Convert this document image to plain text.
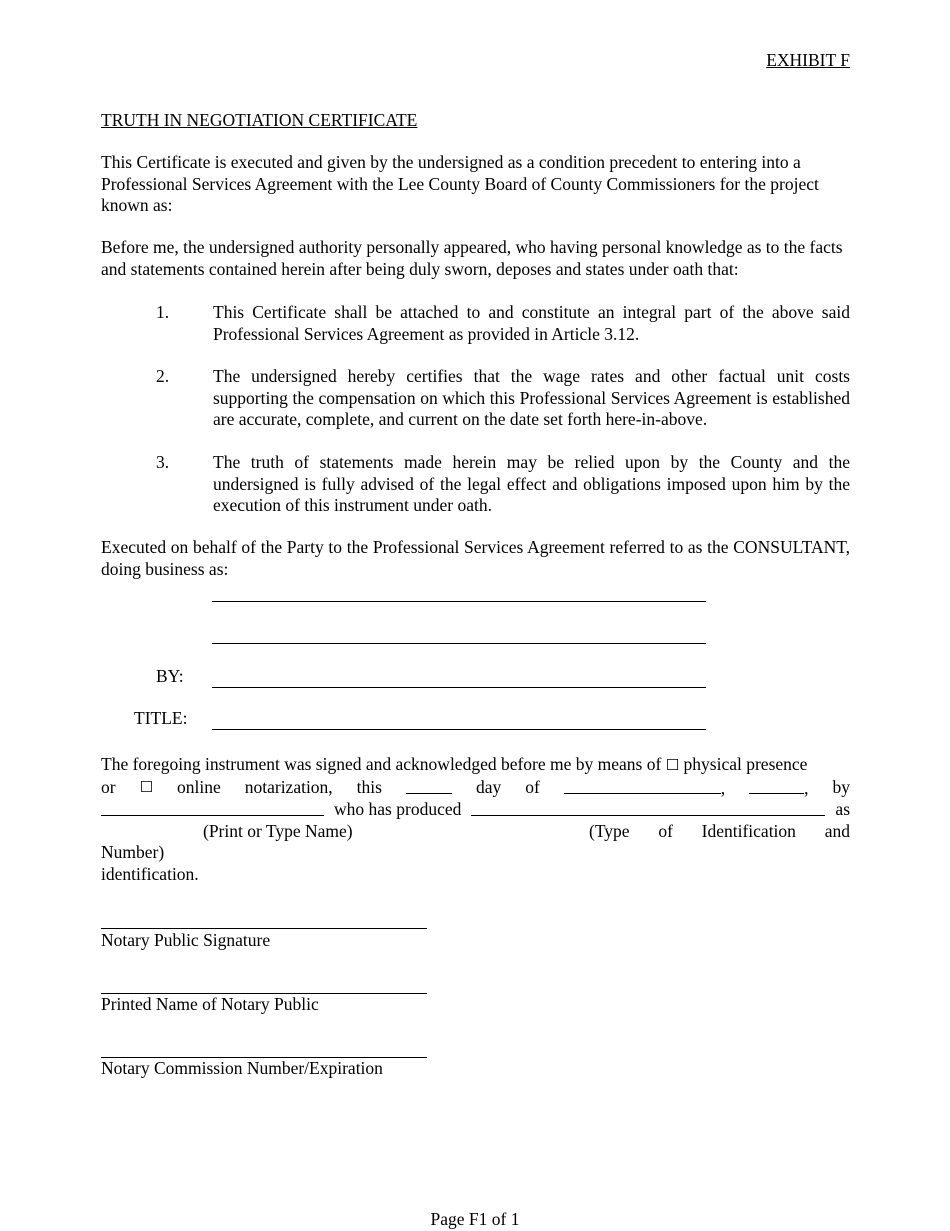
EXHIBIT F
TRUTH IN NEGOTIATION CERTIFICATE
This Certificate is executed and given by the undersigned as a condition precedent to entering into a Professional Services Agreement with the Lee County Board of County Commissioners for the project known as:
Before me, the undersigned authority personally appeared, who having personal knowledge as to the facts and statements contained herein after being duly sworn, deposes and states under oath that:
1.	This Certificate shall be attached to and constitute an integral part of the above said Professional Services Agreement as provided in Article 3.12.
2.	The undersigned hereby certifies that the wage rates and other factual unit costs supporting the compensation on which this Professional Services Agreement is established are accurate, complete, and current on the date set forth here-in-above.
3.	The truth of statements made herein may be relied upon by the County and the undersigned is fully advised of the legal effect and obligations imposed upon him by the execution of this instrument under oath.
Executed on behalf of the Party to the Professional Services Agreement referred to as the CONSULTANT, doing business as:
BY:
TITLE:
The foregoing instrument was signed and acknowledged before me by means of ☐ physical presence
or ☐ online notarization, this	day of	,	, by
who has produced	as
(Print or Type Name)	(Type of Identification and
Number)
identification.
Notary Public Signature
Printed Name of Notary Public
Notary Commission Number/Expiration
Page F1 of 1
